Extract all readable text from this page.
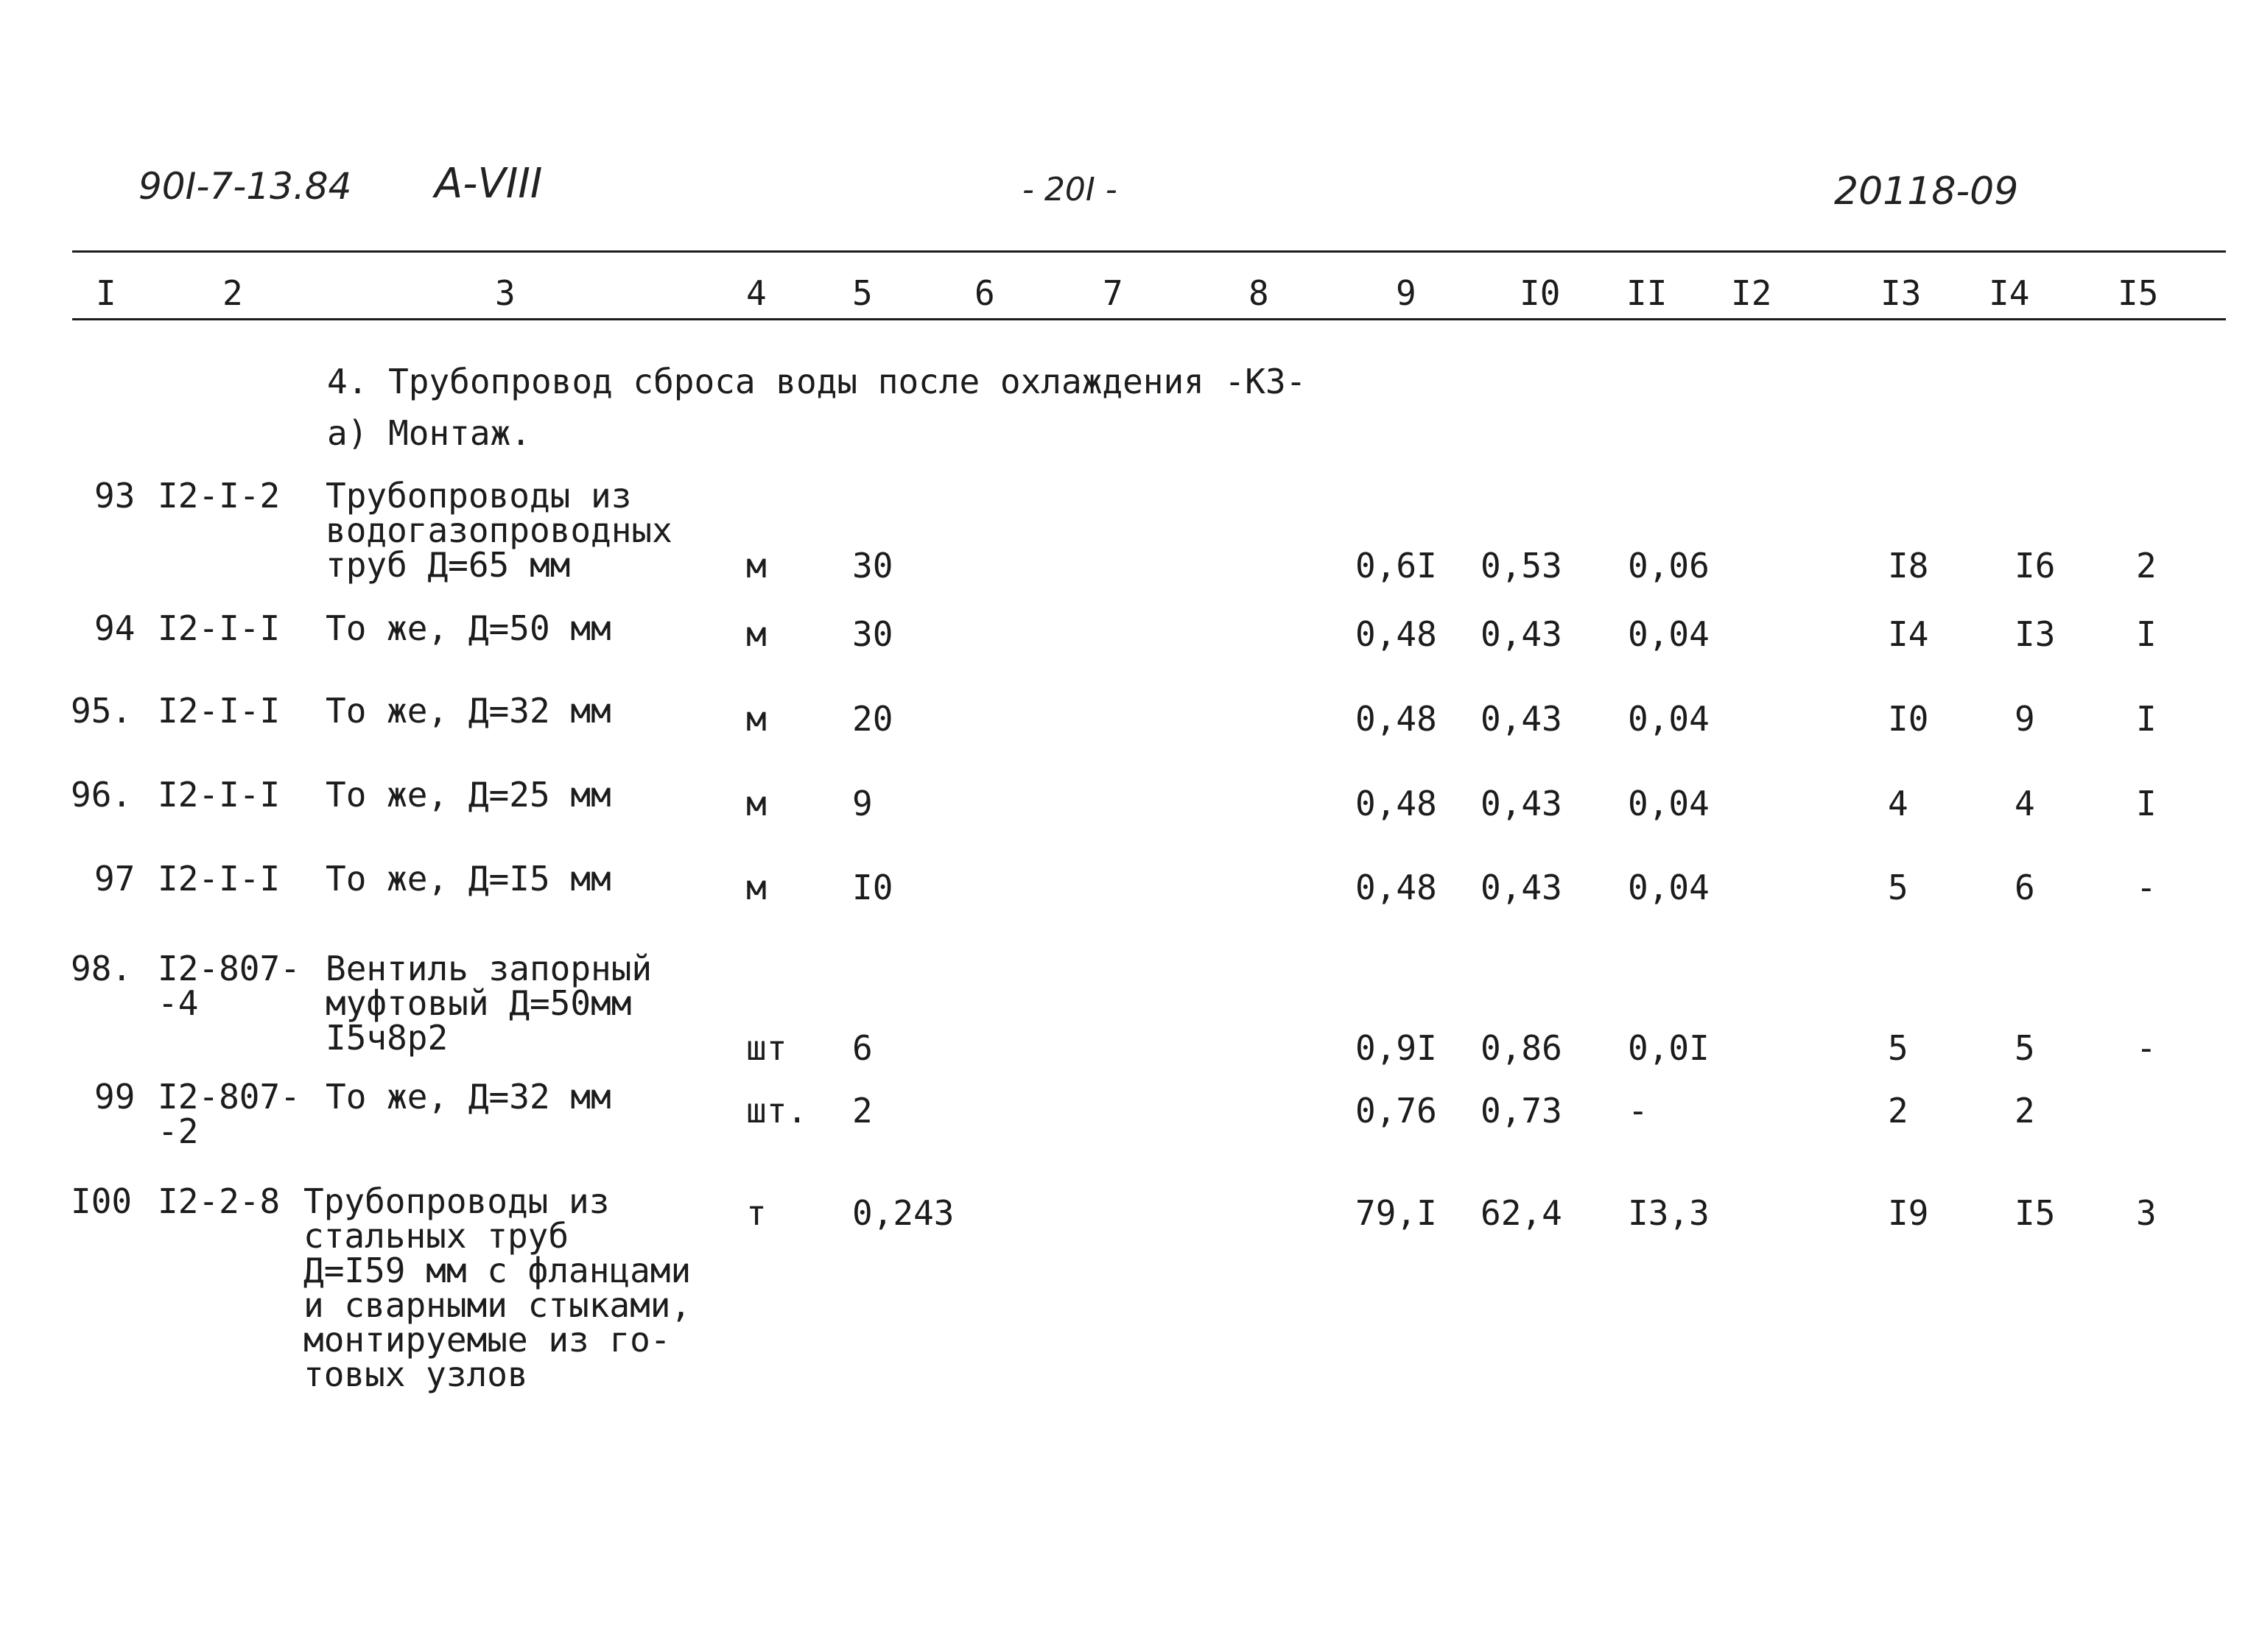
90I-7-13.84 А-VIII	- 20I -	20118-09
I	2	3	4	5	6	7	8	9	I0 II I2	I3 I4	I5
4. Трубопровод сброса воды после охлаждения -К3-
а) Монтаж.
93 I2-I-2 Трубопроводы из
водогазопроводных
труб Д=65 мм	м	30	0,6I 0,53 0,06	I8	I6 2
94 I2-I-I То же, Д=50 мм	м	30	0,48 0,43 0,04	I4	I3 I
95. I2-I-I То же, Д=32 мм	м	20	0,48 0,43 0,04	I0	9	I
96. I2-I-I То же, Д=25 мм	м	9	0,48 0,43 0,04	4	4	I
97 I2-I-I То же, Д=I5 мм	м	I0	0,48 0,43 0,04	5	6	-
98. I2-807-
-4
Вентиль запорный
муфтовый Д=50мм
I5ч8р2	шт 6	0,9I 0,86 0,0I	5	5	-
99 I2-807-
-2
То же, Д=32 мм	шт. 2	0,76 0,73 -	2	2
I00 I2-2-8 Трубопроводы из
стальных труб
Д=I59 мм с фланцами
и сварными стыками,
монтируемые из го-
товых узлов
т	0,243	79,I 62,4 I3,3	I9	I5 3
